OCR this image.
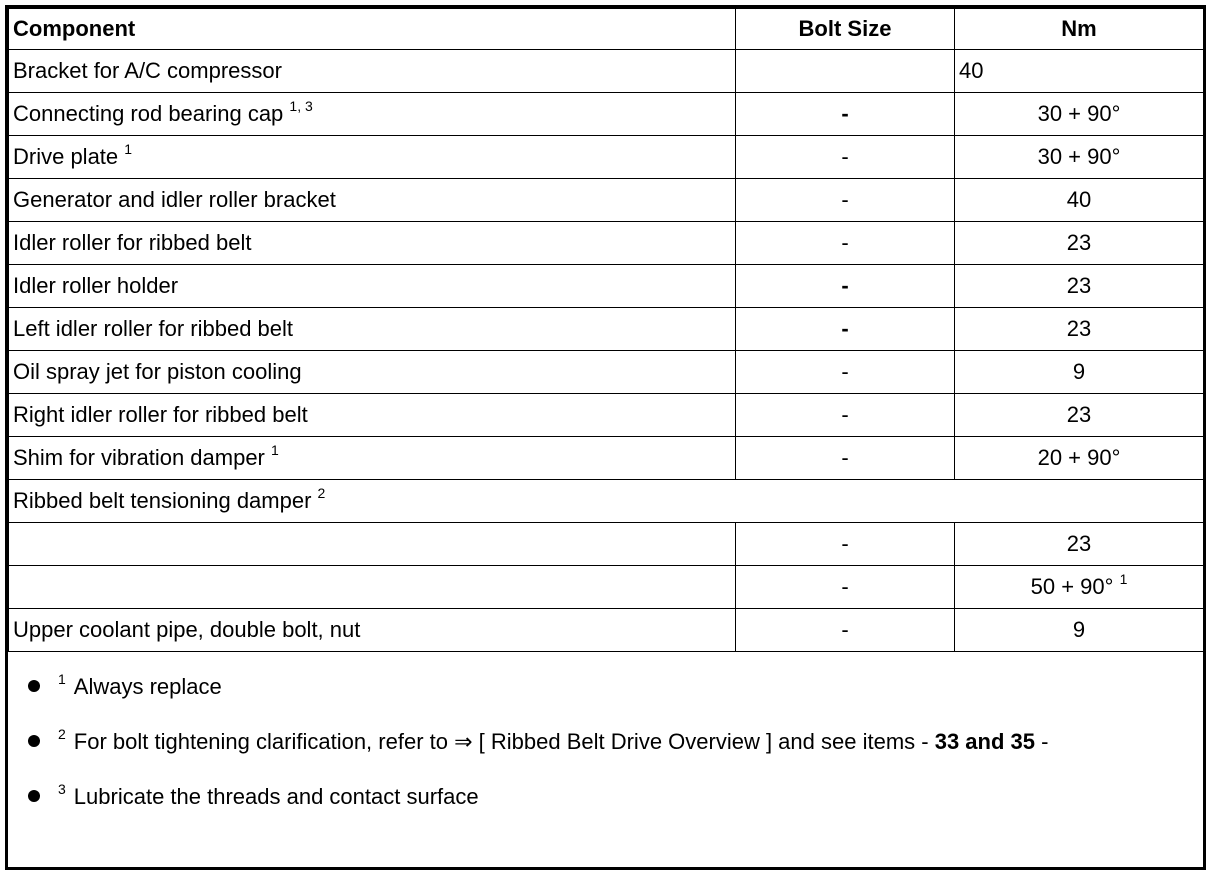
Component	Bolt Size	Nm
Bracket for A/C compressor		40
Connecting rod bearing cap $^{1, 3}$	-	30 + 90°
Drive plate $^1$	-	30 + 90°
Generator and idler roller bracket	-	40
Idler roller for ribbed belt	-	23
Idler roller holder	-	23
Left idler roller for ribbed belt	-	23
Oil spray jet for piston cooling	-	9
Right idler roller for ribbed belt	-	23
Shim for vibration damper $^1$	-	20 + 90°
Ribbed belt tensioning damper $^2$
	-	23
	-	50 + 90° $^1$
Upper coolant pipe, double bolt, nut	-	9
$^1$ Always replace
$^2$ For bolt tightening clarification, refer to ⇒ [ Ribbed Belt Drive Overview ] and see items - 33 and 35 -
$^3$ Lubricate the threads and contact surface
